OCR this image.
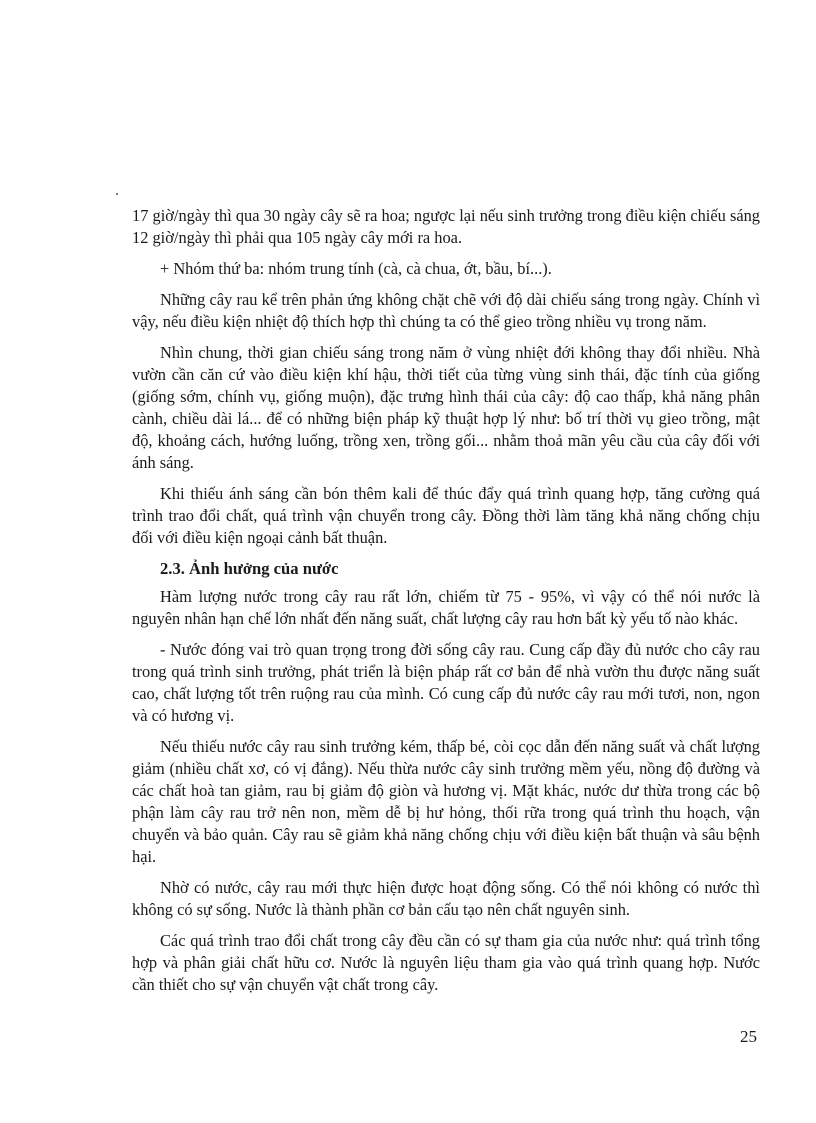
17 giờ/ngày thì qua 30 ngày cây sẽ ra hoa; ngược lại nếu sinh trưởng trong điều kiện chiếu sáng 12 giờ/ngày thì phải qua 105 ngày cây mới ra hoa.

+ Nhóm thứ ba: nhóm trung tính (cà, cà chua, ớt, bầu, bí...).

Những cây rau kể trên phản ứng không chặt chẽ với độ dài chiếu sáng trong ngày. Chính vì vậy, nếu điều kiện nhiệt độ thích hợp thì chúng ta có thể gieo trồng nhiều vụ trong năm.

Nhìn chung, thời gian chiếu sáng trong năm ở vùng nhiệt đới không thay đổi nhiều. Nhà vườn cần căn cứ vào điều kiện khí hậu, thời tiết của từng vùng sinh thái, đặc tính của giống (giống sớm, chính vụ, giống muộn), đặc trưng hình thái của cây: độ cao thấp, khả năng phân cành, chiều dài lá... để có những biện pháp kỹ thuật hợp lý như: bố trí thời vụ gieo trồng, mật độ, khoảng cách, hướng luống, trồng xen, trồng gối... nhằm thoả mãn yêu cầu của cây đối với ánh sáng.

Khi thiếu ánh sáng cần bón thêm kali để thúc đẩy quá trình quang hợp, tăng cường quá trình trao đổi chất, quá trình vận chuyển trong cây. Đồng thời làm tăng khả năng chống chịu đối với điều kiện ngoại cảnh bất thuận.

2.3. Ảnh hưởng của nước

Hàm lượng nước trong cây rau rất lớn, chiếm từ 75 - 95%, vì vậy có thể nói nước là nguyên nhân hạn chế lớn nhất đến năng suất, chất lượng cây rau hơn bất kỳ yếu tố nào khác.

- Nước đóng vai trò quan trọng trong đời sống cây rau. Cung cấp đầy đủ nước cho cây rau trong quá trình sinh trưởng, phát triển là biện pháp rất cơ bản để nhà vườn thu được năng suất cao, chất lượng tốt trên ruộng rau của mình. Có cung cấp đủ nước cây rau mới tươi, non, ngon và có hương vị.

Nếu thiếu nước cây rau sinh trưởng kém, thấp bé, còi cọc dẫn đến năng suất và chất lượng giảm (nhiều chất xơ, có vị đắng). Nếu thừa nước cây sinh trưởng mềm yếu, nồng độ đường và các chất hoà tan giảm, rau bị giảm độ giòn và hương vị. Mặt khác, nước dư thừa trong các bộ phận làm cây rau trở nên non, mềm dễ bị hư hỏng, thối rữa trong quá trình thu hoạch, vận chuyển và bảo quản. Cây rau sẽ giảm khả năng chống chịu với điều kiện bất thuận và sâu bệnh hại.

Nhờ có nước, cây rau mới thực hiện được hoạt động sống. Có thể nói không có nước thì không có sự sống. Nước là thành phần cơ bản cấu tạo nên chất nguyên sinh.

Các quá trình trao đổi chất trong cây đều cần có sự tham gia của nước như: quá trình tổng hợp và phân giải chất hữu cơ. Nước là nguyên liệu tham gia vào quá trình quang hợp. Nước cần thiết cho sự vận chuyển vật chất trong cây.

25
